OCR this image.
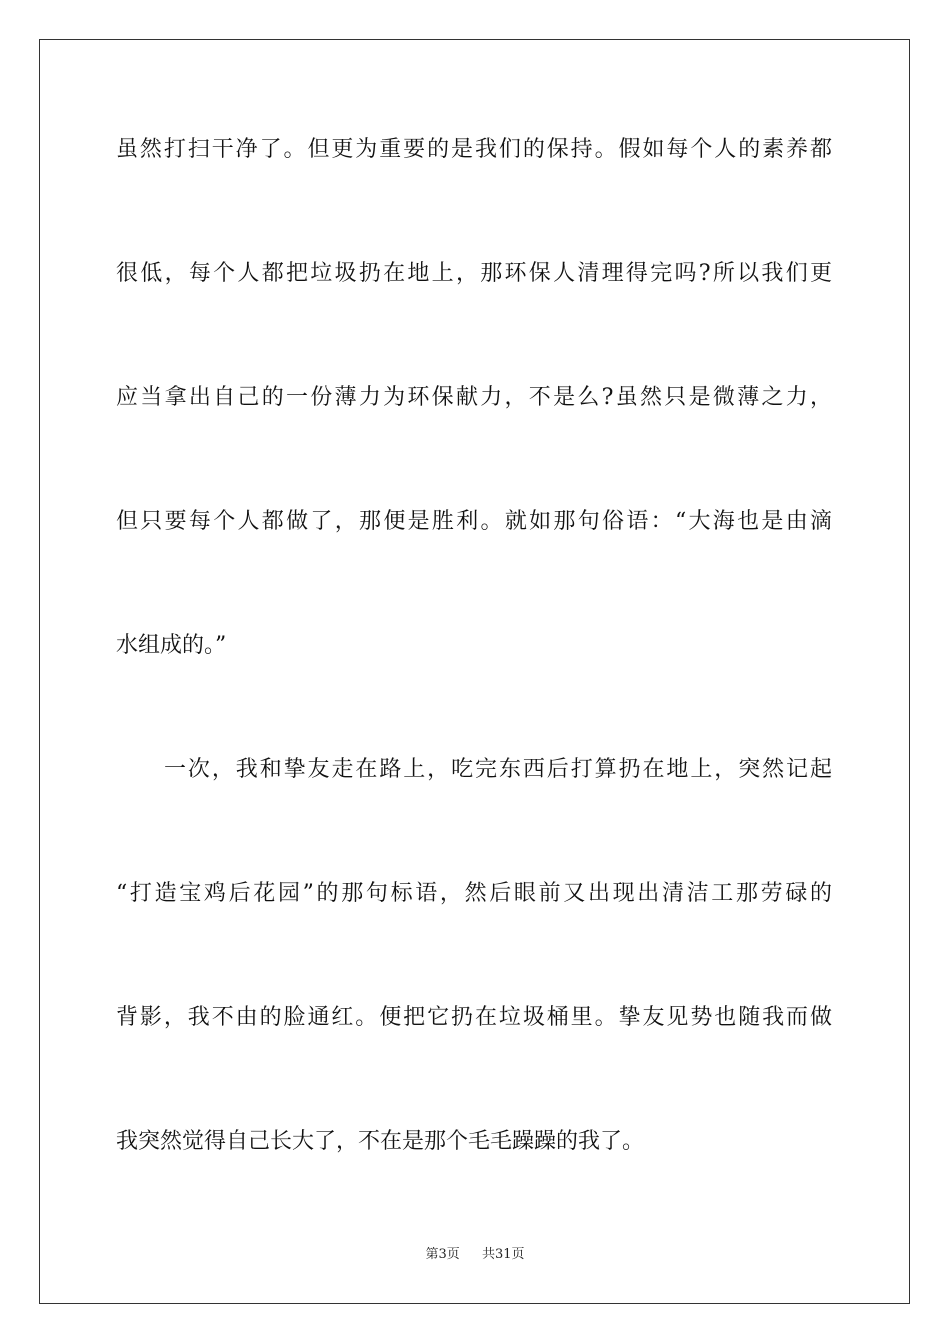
虽然打扫干净了。但更为重要的是我们的保持。假如每个人的素养都
很低，每个人都把垃圾扔在地上，那环保人清理得完吗?所以我们更
应当拿出自己的一份薄力为环保献力，不是么?虽然只是微薄之力，
但只要每个人都做了，那便是胜利。就如那句俗语：“大海也是由滴
水组成的。”
一次，我和挚友走在路上，吃完东西后打算扔在地上，突然记起
“打造宝鸡后花园”的那句标语，然后眼前又出现出清洁工那劳碌的
背影，我不由的脸通红。便把它扔在垃圾桶里。挚友见势也随我而做
我突然觉得自己长大了，不在是那个毛毛躁躁的我了。
第3页 共31页
